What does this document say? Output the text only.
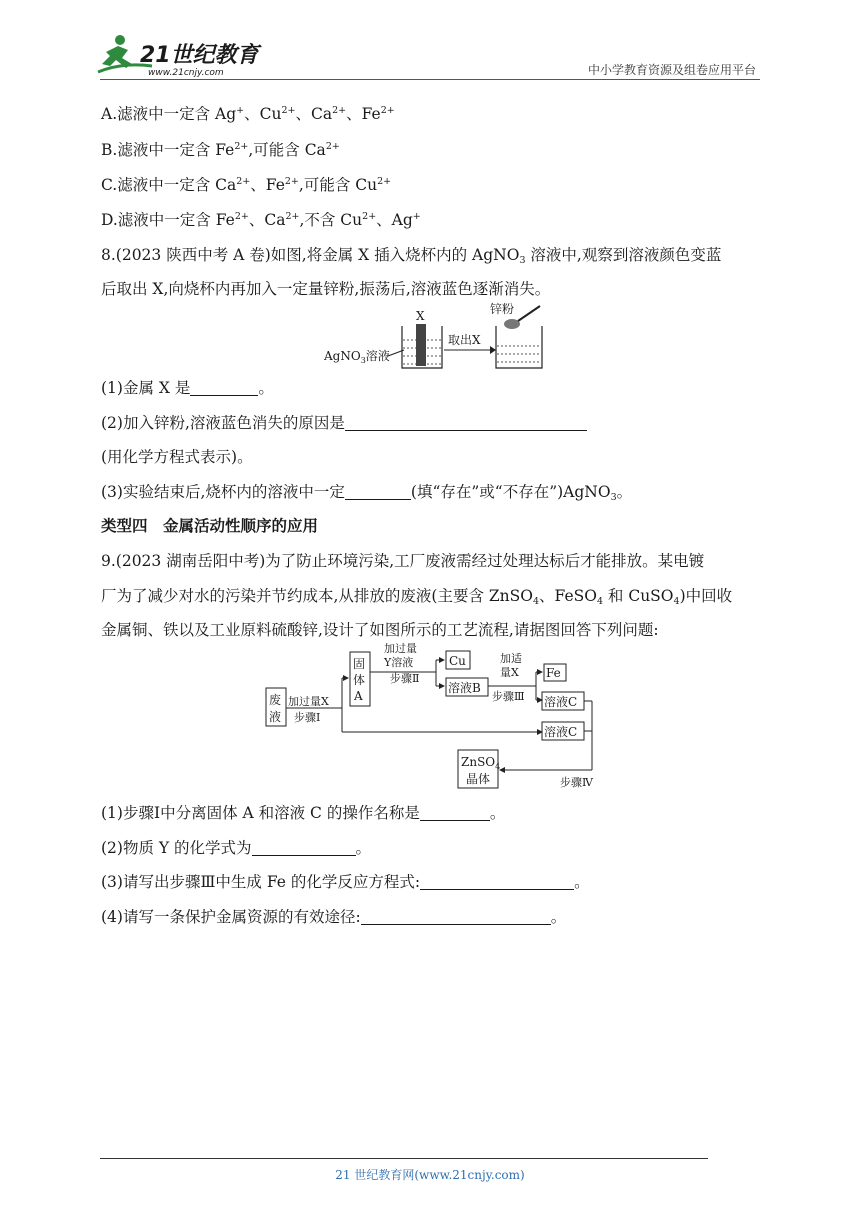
21世纪教育
www.21cnjy.com	中小学教育资源及组卷应用平台
A.滤液中一定含 Ag+、$Cu^{2+}$、$Ca^{2+}$、$Fe^{2+}$
B.滤液中一定含 $Fe^{2+}$,可能含 $Ca^{2+}$
C.滤液中一定含 $Ca^{2+}$、$Fe^{2+}$,可能含 $Cu^{2+}$
D.滤液中一定含 $Fe^{2+}$、$Ca^{2+}$,不含 $Cu^{2+}$、Ag+
8.(2023 陕西中考 A 卷)如图,将金属 X 插入烧杯内的 AgNO$_3$ 溶液中,观察到溶液颜色变蓝
后取出 X,向烧杯内再加入一定量锌粉,振荡后,溶液蓝色逐渐消失。
X	锌粉
AgNO$_3$溶液
取出X
(1)金属 X 是	。
(2)加入锌粉,溶液蓝色消失的原因是
(用化学方程式表示)。
(3)实验结束后,烧杯内的溶液中一定	(填“存在”或“不存在”)AgNO$_3$。
类型四　金属活动性顺序的应用
9.(2023 湖南岳阳中考)为了防止环境污染,工厂废液需经过处理达标后才能排放。某电镀
厂为了减少对水的污染并节约成本,从排放的废液(主要含 ZnSO$_4$、FeSO$_4$ 和 CuSO$_4$)中回收
金属铜、铁以及工业原料硫酸锌,设计了如图所示的工艺流程,请据图回答下列问题:
废
液
加过量X
步骤Ⅰ
固
体
A
加过量
Y溶液
步骤Ⅱ
Cu
溶液B
加适
量X
步骤Ⅲ
Fe
溶液C
溶液C
步骤Ⅳ
ZnSO$_4$
晶体
(1)步骤Ⅰ中分离固体 A 和溶液 C 的操作名称是	。
(2)物质 Y 的化学式为	。
(3)请写出步骤Ⅲ中生成 Fe 的化学反应方程式:	。
(4)请写一条保护金属资源的有效途径:	。
21 世纪教育网(www.21cnjy.com)
